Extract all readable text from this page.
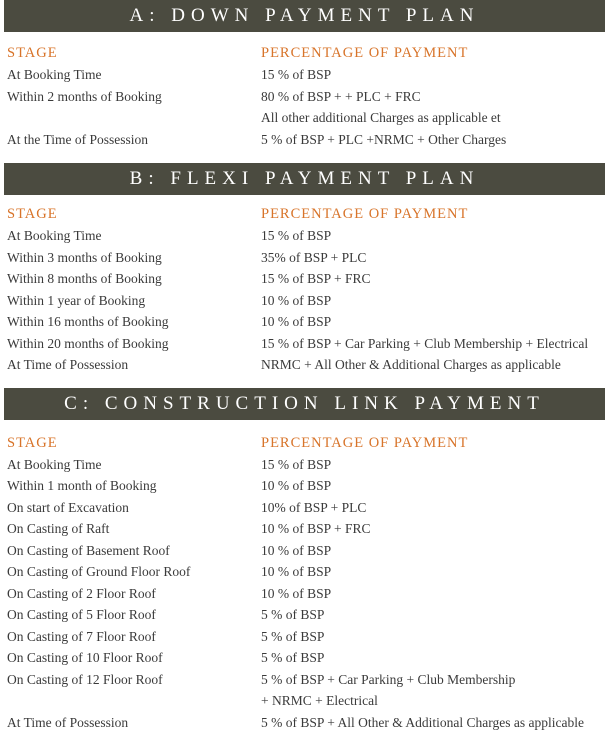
A: DOWN PAYMENT PLAN
STAGE	PERCENTAGE OF PAYMENT
At Booking Time	15 % of BSP
Within 2 months of Booking	80 % of BSP + + PLC + FRC
All other additional Charges as applicable et
At the Time of Possession	5 % of BSP + PLC +NRMC + Other Charges
B: FLEXI PAYMENT PLAN
STAGE	PERCENTAGE OF PAYMENT
At Booking Time	15 % of BSP
Within 3 months of Booking	35% of BSP + PLC
Within 8 months of Booking	15 % of BSP + FRC
Within 1 year of Booking	10 % of BSP
Within 16 months of Booking	10 % of BSP
Within 20 months of Booking	15 % of BSP + Car Parking + Club Membership + Electrical
At Time of Possession	NRMC + All Other & Additional Charges as applicable
C: CONSTRUCTION LINK PAYMENT
STAGE	PERCENTAGE OF PAYMENT
At Booking Time	15 % of BSP
Within 1 month of Booking	10 % of BSP
On start of Excavation	10% of BSP + PLC
On Casting of Raft	10 % of BSP + FRC
On Casting of Basement Roof	10 % of BSP
On Casting of Ground Floor Roof	10 % of BSP
On Casting of 2 Floor Roof	10 % of BSP
On Casting of 5 Floor Roof	5 % of BSP
On Casting of 7 Floor Roof	5 % of BSP
On Casting of 10 Floor Roof	5 % of BSP
On Casting of 12 Floor Roof	5 % of BSP + Car Parking + Club Membership
+ NRMC + Electrical
At Time of Possession	5 % of BSP + All Other & Additional Charges as applicable
